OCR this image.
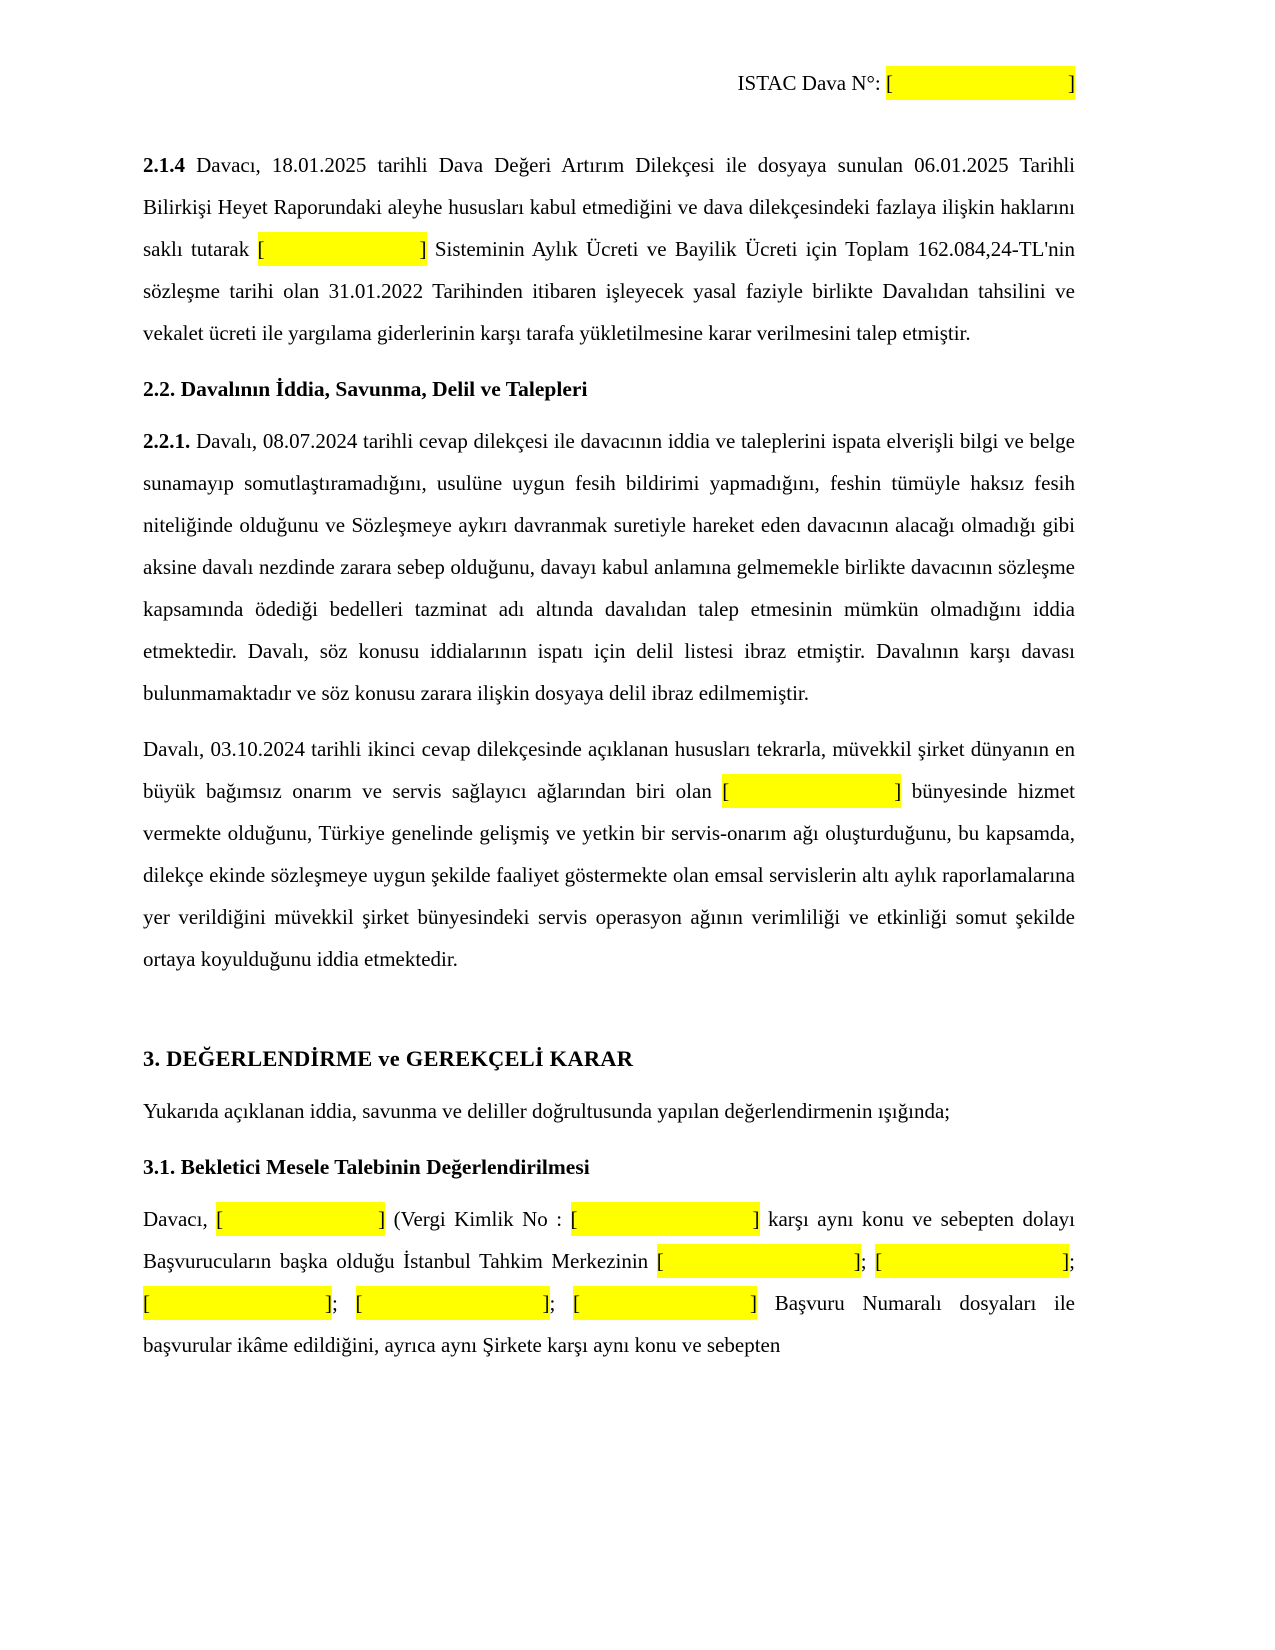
ISTAC Dava N°: [	]

2.1.4 Davacı, 18.01.2025 tarihli Dava Değeri Artırım Dilekçesi ile dosyaya sunulan 06.01.2025 Tarihli Bilirkişi Heyet Raporundaki aleyhe hususları kabul etmediğini ve dava dilekçesindeki fazlaya ilişkin haklarını saklı tutarak [	] Sisteminin Aylık Ücreti ve Bayilik Ücreti için Toplam 162.084,24-TL'nin sözleşme tarihi olan 31.01.2022 Tarihinden itibaren işleyecek yasal faziyle birlikte Davalıdan tahsilini ve vekalet ücreti ile yargılama giderlerinin karşı tarafa yükletilmesine karar verilmesini talep etmiştir.

2.2. Davalının İddia, Savunma, Delil ve Talepleri

2.2.1. Davalı, 08.07.2024 tarihli cevap dilekçesi ile davacının iddia ve taleplerini ispata elverişli bilgi ve belge sunamayıp somutlaştıramadığını, usulüne uygun fesih bildirimi yapmadığını, feshin tümüyle haksız fesih niteliğinde olduğunu ve Sözleşmeye aykırı davranmak suretiyle hareket eden davacının alacağı olmadığı gibi aksine davalı nezdinde zarara sebep olduğunu, davayı kabul anlamına gelmemekle birlikte davacının sözleşme kapsamında ödediği bedelleri tazminat adı altında davalıdan talep etmesinin mümkün olmadığını iddia etmektedir. Davalı, söz konusu iddialarının ispatı için delil listesi ibraz etmiştir. Davalının karşı davası bulunmamaktadır ve söz konusu zarara ilişkin dosyaya delil ibraz edilmemiştir.

Davalı, 03.10.2024 tarihli ikinci cevap dilekçesinde açıklanan hususları tekrarla, müvekkil şirket dünyanın en büyük bağımsız onarım ve servis sağlayıcı ağlarından biri olan [	] bünyesinde hizmet vermekte olduğunu, Türkiye genelinde gelişmiş ve yetkin bir servis-onarım ağı oluşturduğunu, bu kapsamda, dilekçe ekinde sözleşmeye uygun şekilde faaliyet göstermekte olan emsal servislerin altı aylık raporlamalarına yer verildiğini müvekkil şirket bünyesindeki servis operasyon ağının verimliliği ve etkinliği somut şekilde ortaya koyulduğunu iddia etmektedir.

3. DEĞERLENDİRME ve GEREKÇELİ KARAR

Yukarıda açıklanan iddia, savunma ve deliller doğrultusunda yapılan değerlendirmenin ışığında;

3.1. Bekletici Mesele Talebinin Değerlendirilmesi

Davacı, [	] (Vergi Kimlik No : [	] karşı aynı konu ve sebepten dolayı Başvurucuların başka olduğu İstanbul Tahkim Merkezinin [	]; [	]; [	]; [	]; [	] Başvuru Numaralı dosyaları ile başvurular ikâme edildiğini, ayrıca aynı Şirkete karşı aynı konu ve sebepten
